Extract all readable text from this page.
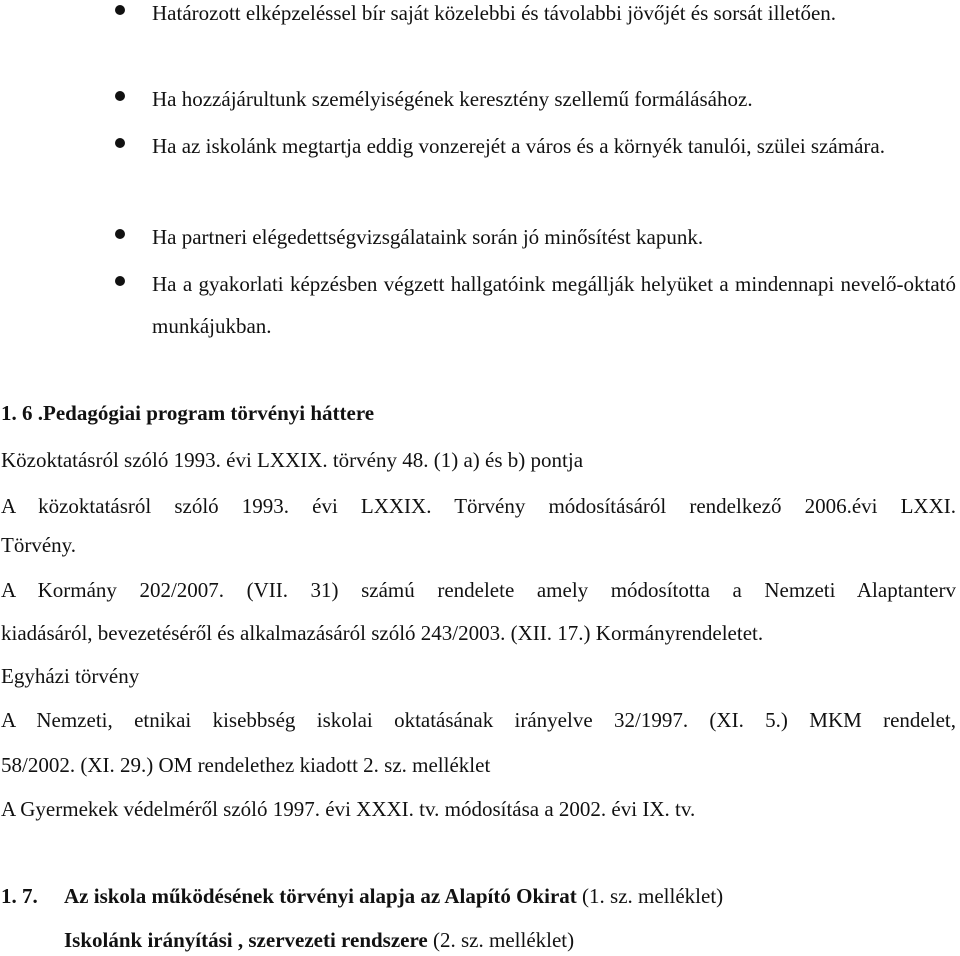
Határozott elképzeléssel bír saját közelebbi és távolabbi jövőjét és sorsát illetően.
Ha hozzájárultunk személyiségének keresztény szellemű formálásához.
Ha az iskolánk megtartja eddig vonzerejét a város és a környék tanulói, szülei számára.
Ha partneri elégedettségvizsgálataink során jó minősítést kapunk.
Ha a gyakorlati képzésben végzett hallgatóink megállják helyüket a mindennapi nevelő-oktató munkájukban.
1. 6 .Pedagógiai program törvényi háttere
Közoktatásról szóló 1993. évi LXXIX. törvény 48. (1) a) és b) pontja
A közoktatásról szóló 1993. évi LXXIX. Törvény módosításáról rendelkező 2006.évi LXXI.
Törvény.
A Kormány 202/2007. (VII. 31) számú rendelete amely módosította a Nemzeti Alaptanterv
kiadásáról, bevezetéséről és alkalmazásáról szóló 243/2003. (XII. 17.) Kormányrendeletet.
Egyházi törvény
A Nemzeti, etnikai kisebbség iskolai oktatásának irányelve 32/1997. (XI. 5.) MKM rendelet,
58/2002. (XI. 29.) OM rendelethez kiadott 2. sz. melléklet
A Gyermekek védelméről szóló 1997. évi XXXI. tv. módosítása a 2002. évi IX. tv.
1. 7. Az iskola működésének törvényi alapja az Alapító Okirat (1. sz. melléklet)
Iskolánk irányítási , szervezeti rendszere (2. sz. melléklet)
